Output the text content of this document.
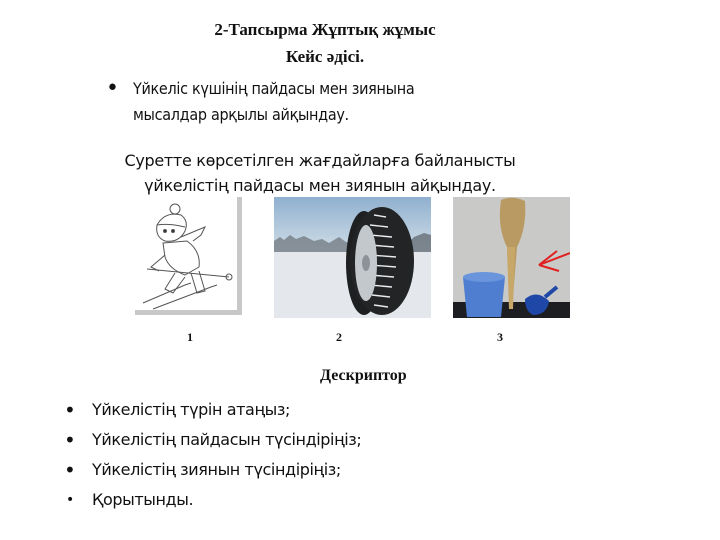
2-Тапсырма Жұптық жұмыс
Кейс әдісі.
• Үйкеліс күшінің пайдасы мен зиянына
мысалдар арқылы айқындау.
Суретте көрсетілген жағдайларға байланысты
үйкелістің пайдасы мен зиянын айқындау.
1	2	3
Дескриптор
• Үйкелістің түрін атаңыз;
• Үйкелістің пайдасын түсіндіріңіз;
• Үйкелістің зиянын түсіндіріңіз;
• Қорытынды.
